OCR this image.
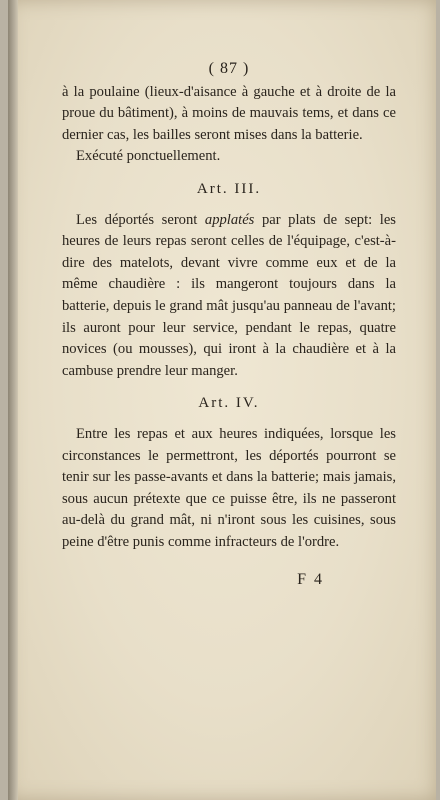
( 87 )

à la poulaine (lieux-d'aisance à gauche et à droite de la proue du bâtiment), à moins de mauvais tems, et dans ce dernier cas, les bailles seront mises dans la batterie.

Exécuté ponctuellement.

Art. III.

Les déportés seront applatés par plats de sept: les heures de leurs repas seront celles de l'équipage, c'est-à-dire des matelots, devant vivre comme eux et de la même chaudière : ils mangeront toujours dans la batterie, depuis le grand mât jusqu'au panneau de l'avant; ils auront pour leur service, pendant le repas, quatre novices (ou mousses), qui iront à la chaudière et à la cambuse prendre leur manger.

Art. IV.

Entre les repas et aux heures indiquées, lorsque les circonstances le permettront, les déportés pourront se tenir sur les passe-avants et dans la batterie; mais jamais, sous aucun prétexte que ce puisse être, ils ne passeront au-delà du grand mât, ni n'iront sous les cuisines, sous peine d'être punis comme infracteurs de l'ordre.

F 4
